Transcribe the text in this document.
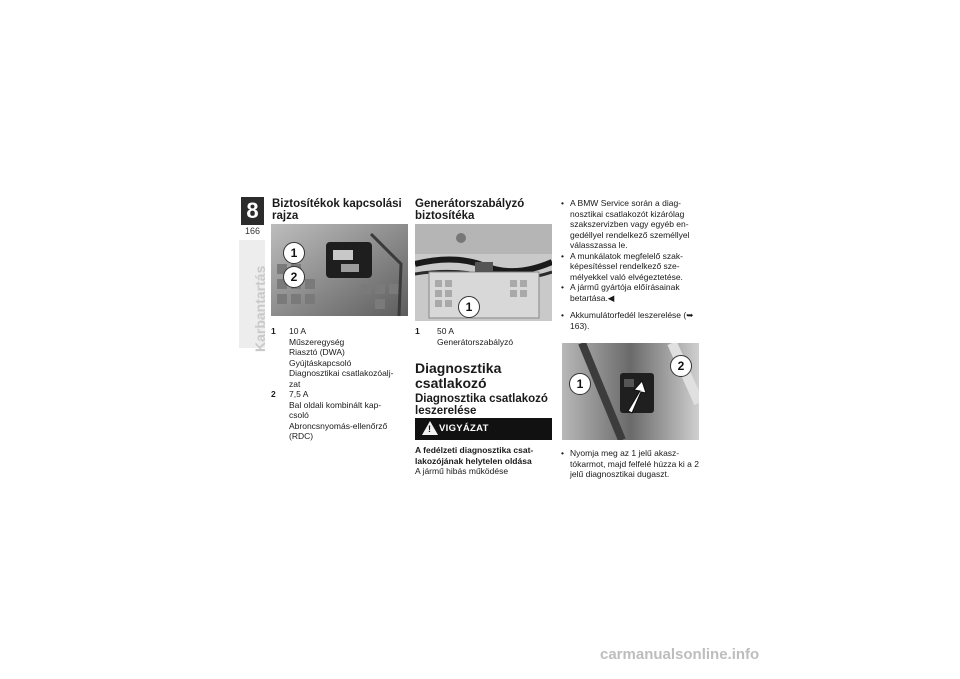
8
166
Karbantartás
Biztosítékok kapcsolási rajza
1
2
1	10 A
Műszeregység
Riasztó (DWA)
Gyújtáskapcsoló
Diagnosztikai csatlakozóalj-
zat
2	7,5 A
Bal oldali kombinált kap-
csoló
Abroncsnyomás-ellenőrző
(RDC)
Generátorszabályzó biztosítéka
1
1	50 A
Generátorszabályzó
Diagnosztika csatlakozó
Diagnosztika csatlakozó leszerelése
! VIGYÁZAT
A fedélzeti diagnosztika csat-lakozójának helytelen oldása
A jármű hibás működése
• A BMW Service során a diag-nosztikai csatlakozót kizárólag szakszervizben vagy egyéb en-gedéllyel rendelkező személlyel válasszassa le.
• A munkálatok megfelelő szak-képesítéssel rendelkező sze-mélyekkel való elvégeztetése.
• A jármű gyártója előírásainak betartása.◀
• Akkumulátorfedél leszerelése (➥ 163).
1
2
• Nyomja meg az 1 jelű akasz-tókarmot, majd felfelé húzza ki a 2 jelű diagnosztikai dugaszt.
carmanualsonline.info
